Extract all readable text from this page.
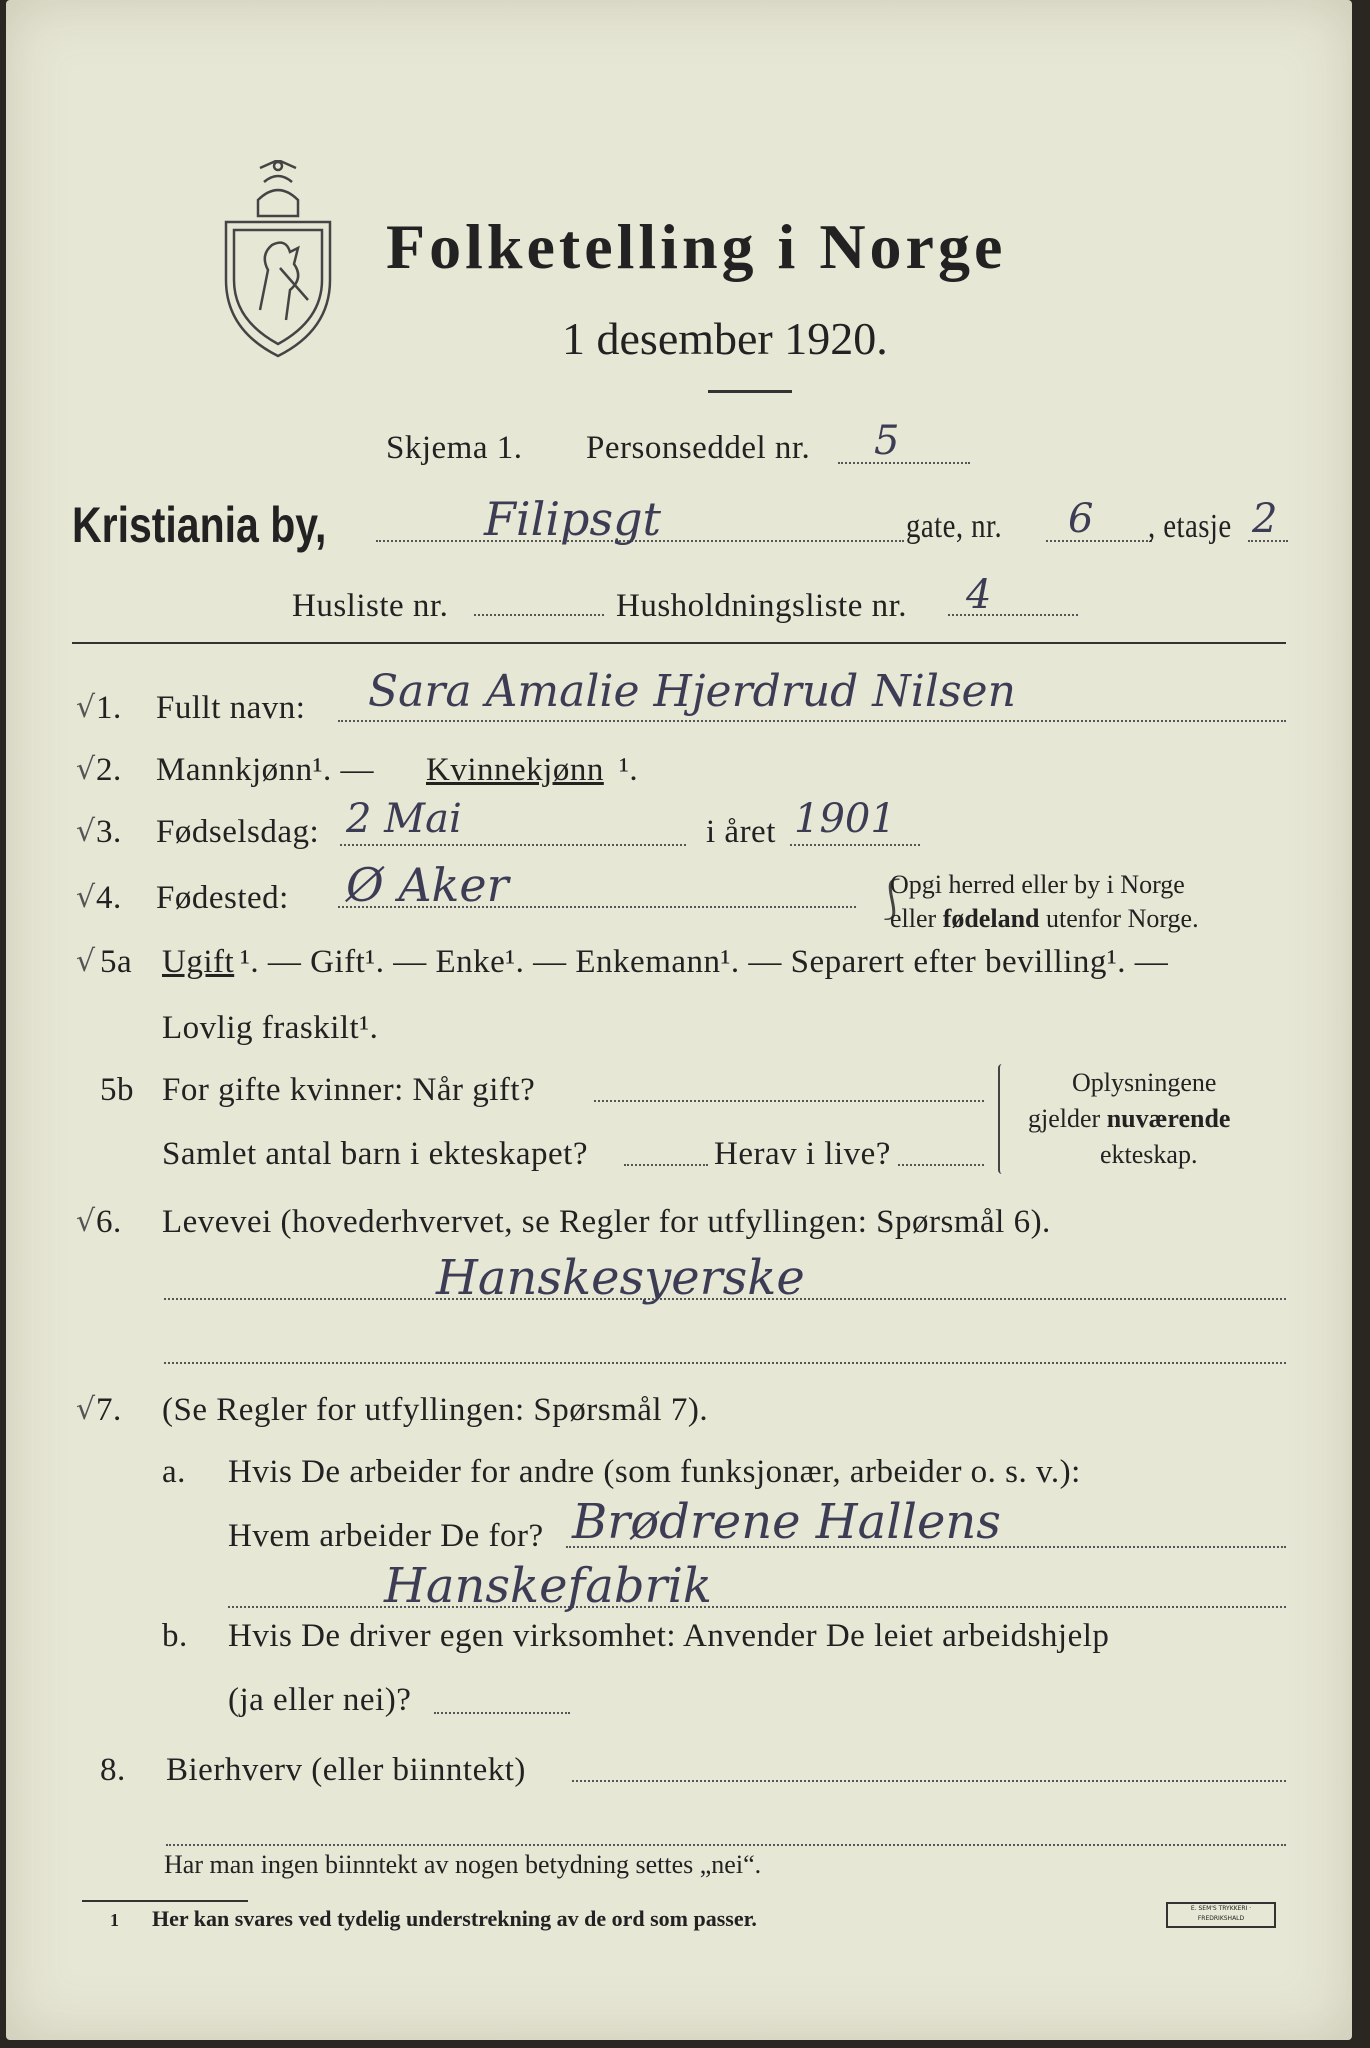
Folketelling i Norge
1 desember 1920.
Skjema 1. Personseddel nr. 5
Kristiania by,	Filipsgt	gate, nr. 6 , etasje 2
Husliste nr.	Husholdningsliste nr. 4
√ 1. Fullt navn: Sara Amalie Hjerdrud Nilsen
√ 2. Mannkjønn¹. — Kvinnekjønn ¹.
√ 3. Fødselsdag: 2 Mai	i året 1901
√ 4. Fødested: Ø Aker	⎰
Opgi herred eller by i Norge
eller fødeland utenfor Norge.
√ 5a Ugift ¹. — Gift¹. — Enke¹. — Enkemann¹. — Separert efter bevilling¹. —
Lovlig fraskilt¹.
5b For gifte kvinner: Når gift?
Samlet antal barn i ekteskapet?	Herav i live?
Oplysningene
gjelder nuværende
ekteskap.
√ 6. Levevei (hovederhvervet, se Regler for utfyllingen: Spørsmål 6).
Hanskesyerske
√ 7. (Se Regler for utfyllingen: Spørsmål 7).
a. Hvis De arbeider for andre (som funksjonær, arbeider o. s. v.):
Hvem arbeider De for? Brødrene Hallens
Hanskefabrik
b. Hvis De driver egen virksomhet: Anvender De leiet arbeidshjelp
(ja eller nei)?
8. Bierhverv (eller biinntekt)
Har man ingen biinntekt av nogen betydning settes „nei“.
1 Her kan svares ved tydelig understrekning av de ord som passer.	E. SEM'S TRYKKERI · FREDRIKSHALD
